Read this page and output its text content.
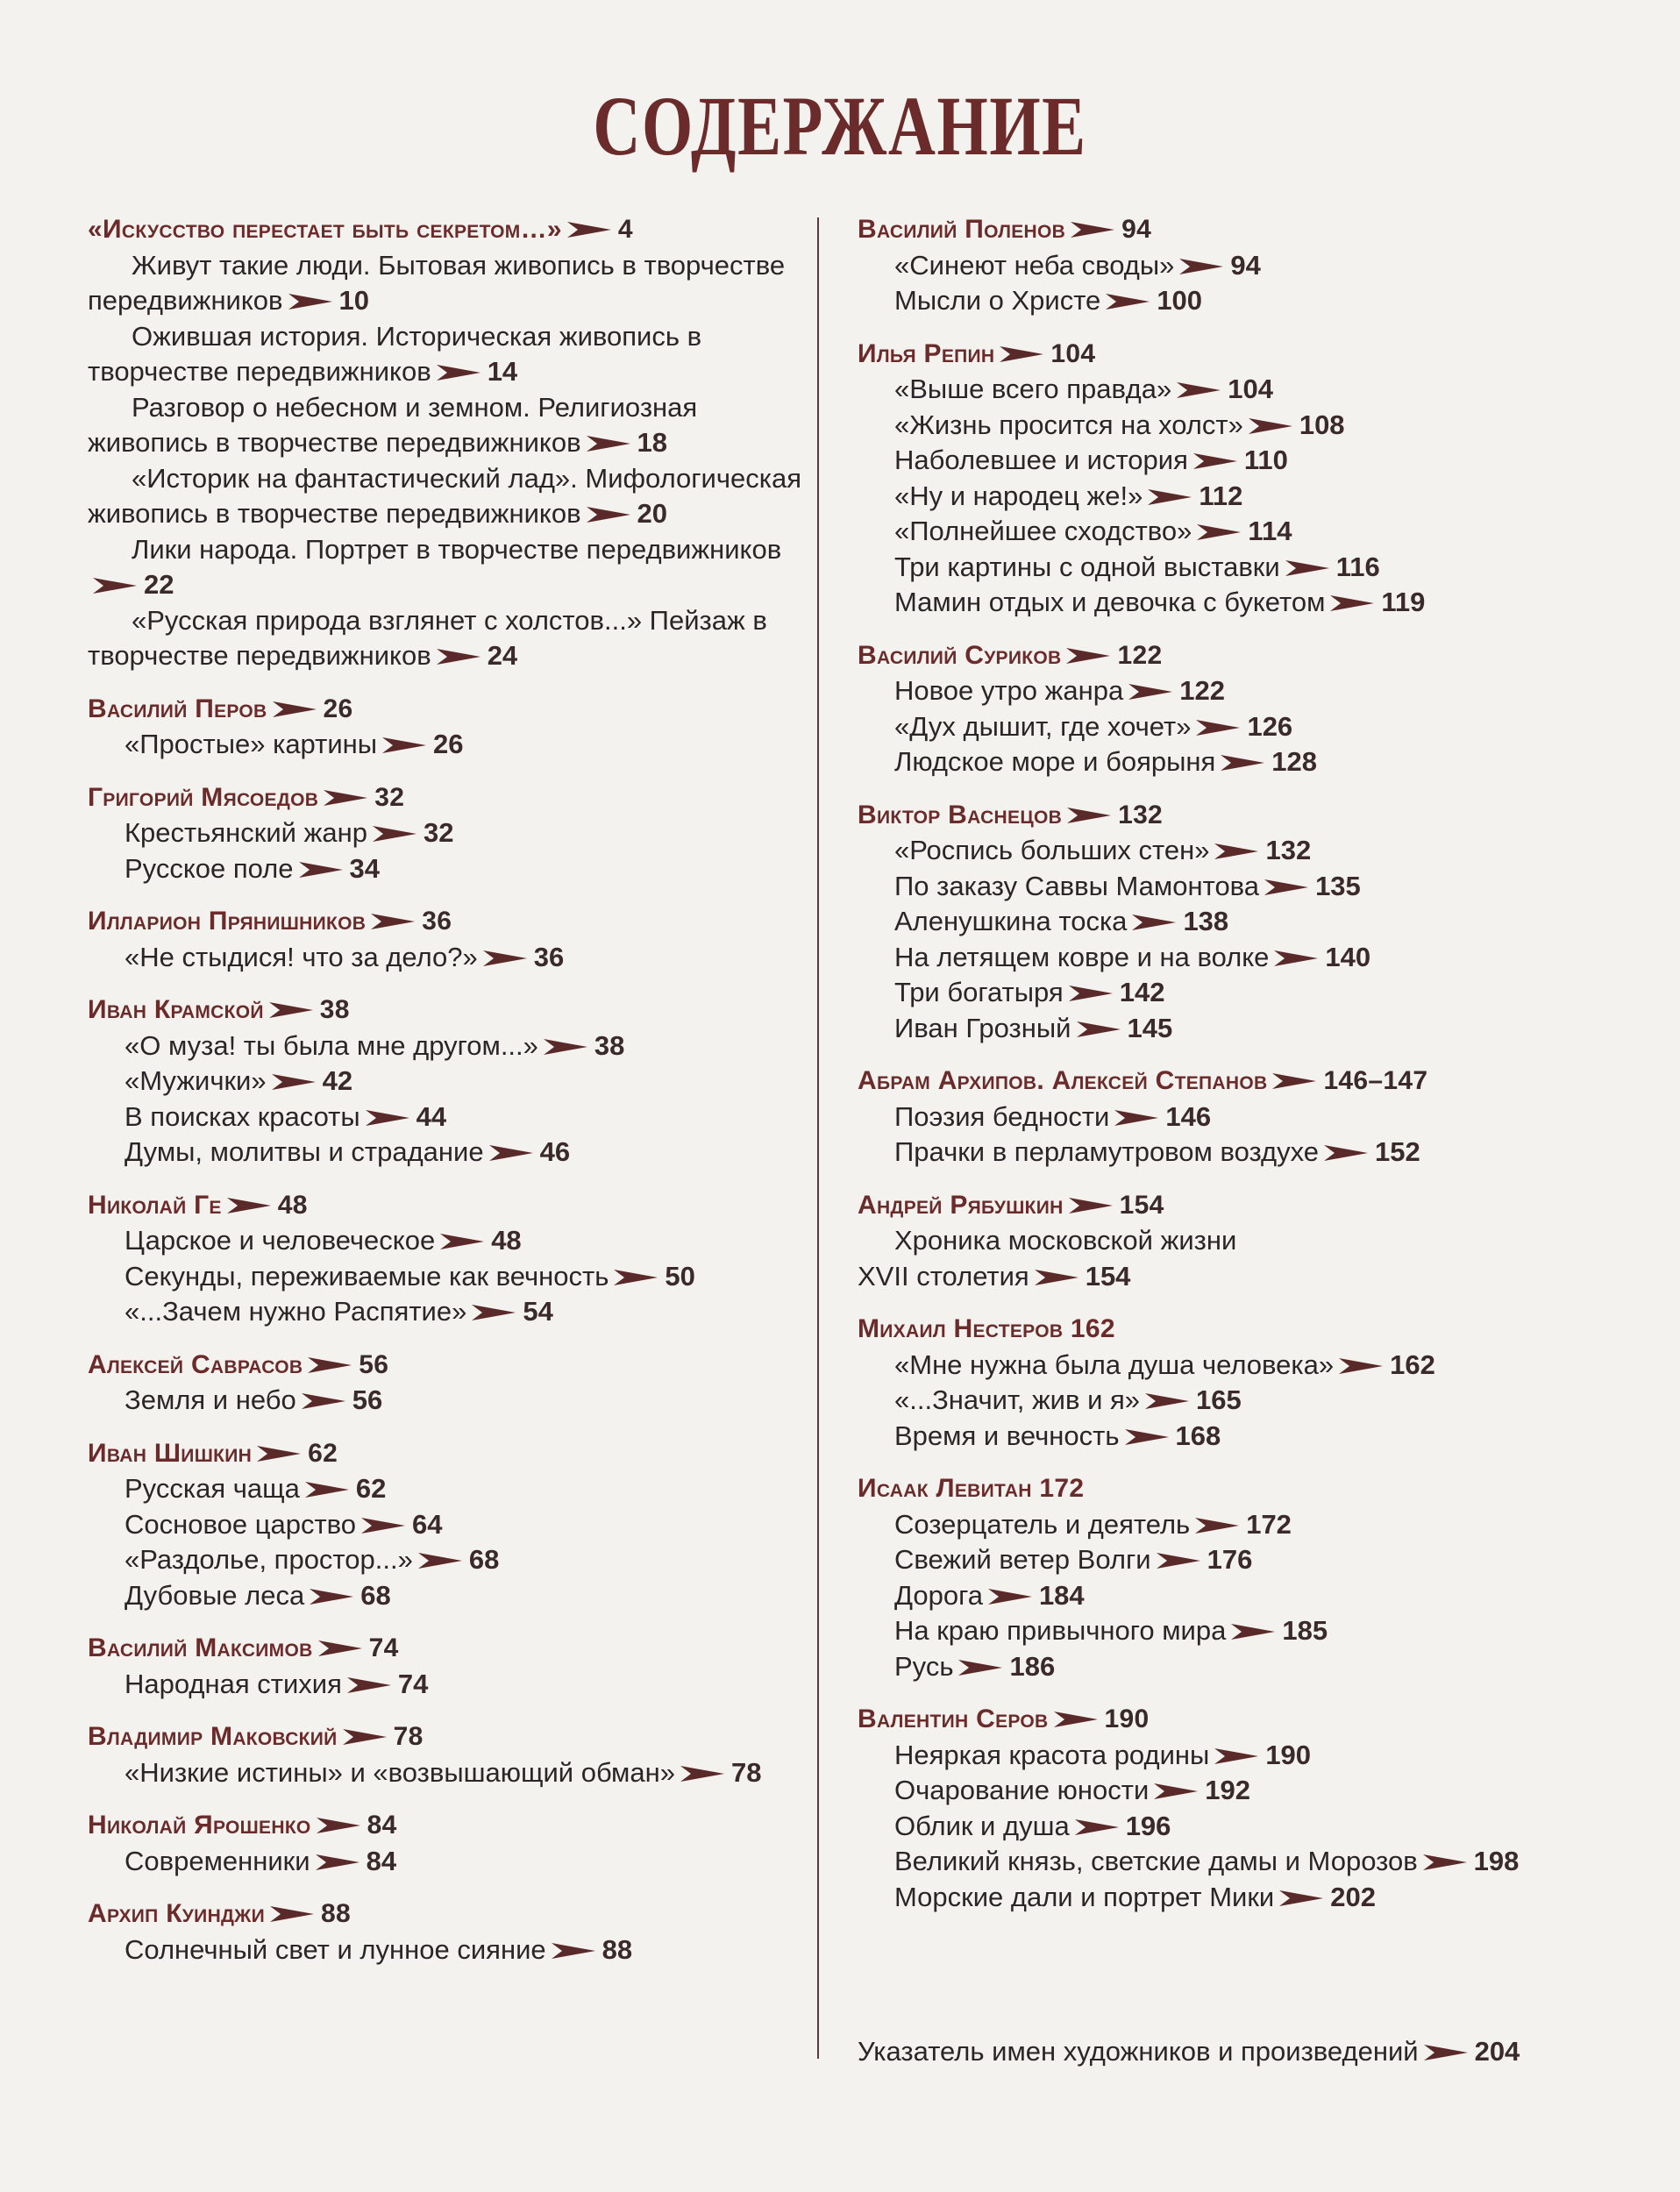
СОДЕРЖАНИЕ
«Искусство перестает быть секретом…» 4
Живут такие люди. Бытовая живопись в творчестве передвижников 10
Ожившая история. Историческая живопись в творчестве передвижников 14
Разговор о небесном и земном. Религиозная живопись в творчестве передвижников 18
«Историк на фантастический лад». Мифологическая живопись в творчестве передвижников 20
Лики народа. Портрет в творчестве передвижников
22
«Русская природа взглянет с холстов...» Пейзаж в творчестве передвижников 24
Василий Перов 26
«Простые» картины 26
Григорий Мясоедов 32
Крестьянский жанр 32
Русское поле 34
Илларион Прянишников 36
«Не стыдися! что за дело?» 36
Иван Крамской 38
«О муза! ты была мне другом...» 38
«Мужички» 42
В поисках красоты 44
Думы, молитвы и страдание 46
Николай Ге 48
Царское и человеческое 48
Секунды, переживаемые как вечность 50
«...Зачем нужно Распятие» 54
Алексей Саврасов 56
Земля и небо 56
Иван Шишкин 62
Русская чаща 62
Сосновое царство 64
«Раздолье, простор...» 68
Дубовые леса 68
Василий Максимов 74
Народная стихия 74
Владимир Маковский 78
«Низкие истины» и «возвышающий обман» 78
Николай Ярошенко 84
Современники 84
Архип Куинджи 88
Солнечный свет и лунное сияние 88
Василий Поленов 94
«Синеют неба своды» 94
Мысли о Христе 100
Илья Репин 104
«Выше всего правда» 104
«Жизнь просится на холст» 108
Наболевшее и история 110
«Ну и народец же!» 112
«Полнейшее сходство» 114
Три картины с одной выставки 116
Мамин отдых и девочка с букетом 119
Василий Суриков 122
Новое утро жанра 122
«Дух дышит, где хочет» 126
Людское море и боярыня 128
Виктор Васнецов 132
«Роспись больших стен» 132
По заказу Саввы Мамонтова 135
Аленушкина тоска 138
На летящем ковре и на волке 140
Три богатыря 142
Иван Грозный 145
Абрам Архипов. Алексей Степанов 146–147
Поэзия бедности 146
Прачки в перламутровом воздухе 152
Андрей Рябушкин 154
Хроника московской жизни
XVII столетия 154
Михаил Нестеров 162
«Мне нужна была душа человека» 162
«...Значит, жив и я» 165
Время и вечность 168
Исаак Левитан 172
Созерцатель и деятель 172
Свежий ветер Волги 176
Дорога 184
На краю привычного мира 185
Русь 186
Валентин Серов 190
Неяркая красота родины 190
Очарование юности 192
Облик и душа 196
Великий князь, светские дамы и Морозов 198
Морские дали и портрет Мики 202
Указатель имен художников и произведений 204
